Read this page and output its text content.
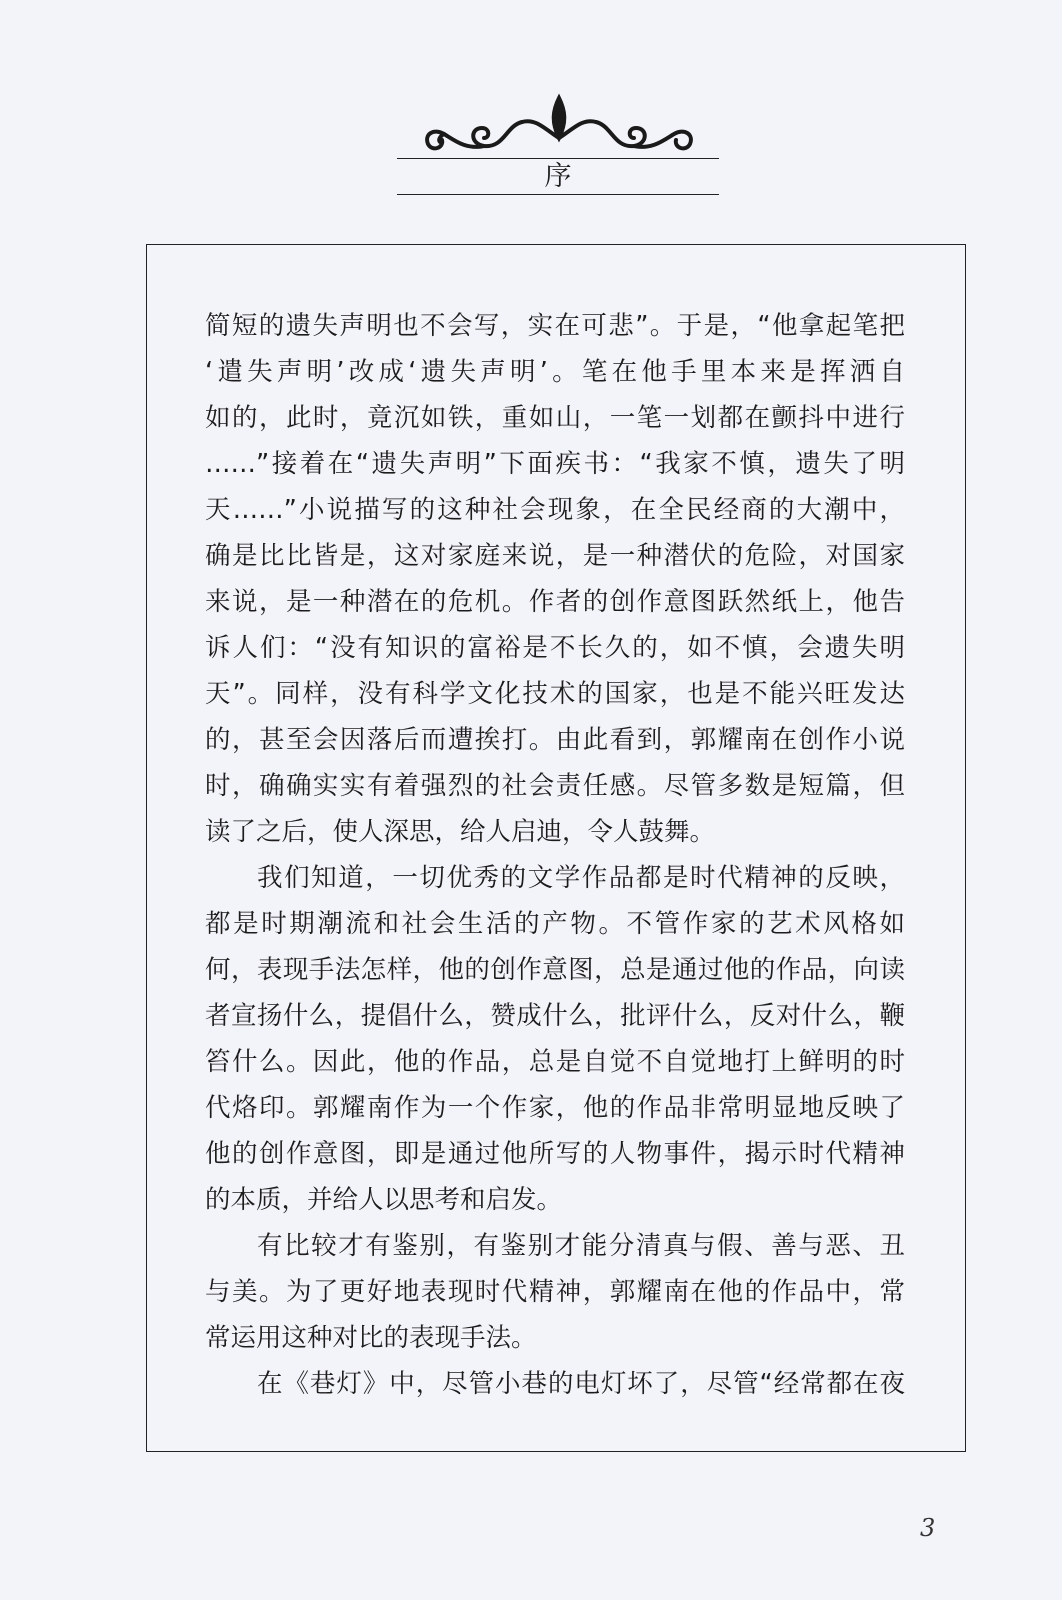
序
简短的遗失声明也不会写，实在可悲”。于是，“他拿起笔把
‘遣失声明’改成‘遗失声明’。笔在他手里本来是挥洒自
如的，此时，竟沉如铁，重如山，一笔一划都在颤抖中进行
……”接着在“遗失声明”下面疾书：“我家不慎，遗失了明
天……”小说描写的这种社会现象，在全民经商的大潮中，
确是比比皆是，这对家庭来说，是一种潜伏的危险，对国家
来说，是一种潜在的危机。作者的创作意图跃然纸上，他告
诉人们：“没有知识的富裕是不长久的，如不慎，会遗失明
天”。同样，没有科学文化技术的国家，也是不能兴旺发达
的，甚至会因落后而遭挨打。由此看到，郭耀南在创作小说
时，确确实实有着强烈的社会责任感。尽管多数是短篇，但
读了之后，使人深思，给人启迪，令人鼓舞。
我们知道，一切优秀的文学作品都是时代精神的反映，
都是时期潮流和社会生活的产物。不管作家的艺术风格如
何，表现手法怎样，他的创作意图，总是通过他的作品，向读
者宣扬什么，提倡什么，赞成什么，批评什么，反对什么，鞭
笞什么。因此，他的作品，总是自觉不自觉地打上鲜明的时
代烙印。郭耀南作为一个作家，他的作品非常明显地反映了
他的创作意图，即是通过他所写的人物事件，揭示时代精神
的本质，并给人以思考和启发。
有比较才有鉴别，有鉴别才能分清真与假、善与恶、丑
与美。为了更好地表现时代精神，郭耀南在他的作品中，常
常运用这种对比的表现手法。
在《巷灯》中，尽管小巷的电灯坏了，尽管“经常都在夜
3
